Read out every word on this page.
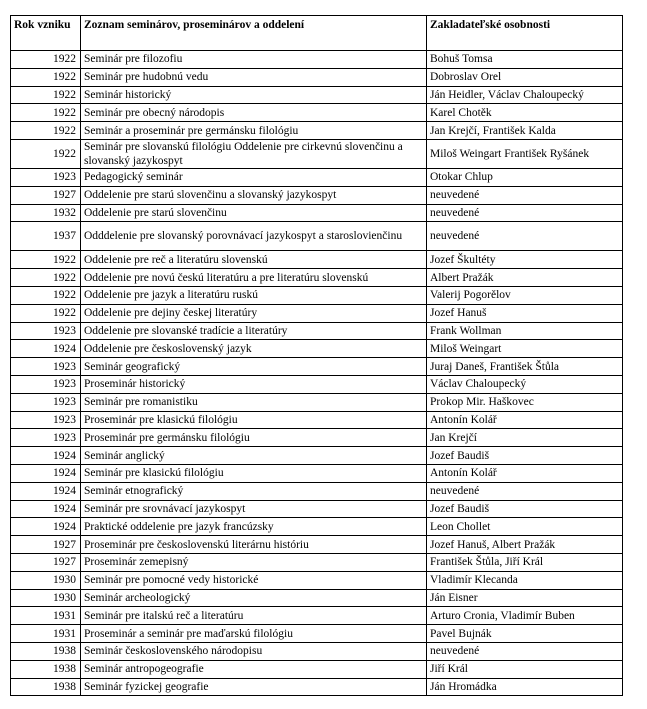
Rok vzniku	Zoznam seminárov, proseminárov a oddelení	Zakladateľské osobnosti
1922	Seminár pre filozofiu	Bohuš Tomsa
1922	Seminár pre hudobnú vedu	Dobroslav Orel
1922	Seminár historický	Ján Heidler, Václav Chaloupecký
1922	Seminár pre obecný národopis	Karel Chotěk
1922	Seminár a proseminár pre germánsku filológiu	Jan Krejčí, František Kalda
1922	Seminár pre slovanskú filológiu Oddelenie pre cirkevnú slovenčinu a slovanský jazykospyt	Miloš Weingart František Ryšánek
1923	Pedagogický seminár	Otokar Chlup
1927	Oddelenie pre starú slovenčinu a slovanský jazykospyt	neuvedené
1932	Oddelenie pre starú slovenčinu	neuvedené
1937	Odddelenie pre slovanský porovnávací jazykospyt a staroslovienčinu	neuvedené
1922	Oddelenie pre reč a literatúru slovenskú	Jozef Škultéty
1922	Oddelenie pre novú českú literatúru a pre literatúru slovenskú	Albert Pražák
1922	Oddelenie pre jazyk a literatúru ruskú	Valerij Pogorělov
1922	Oddelenie pre dejiny českej literatúry	Jozef Hanuš
1923	Oddelenie pre slovanské tradície a literatúry	Frank Wollman
1924	Oddelenie pre československý jazyk	Miloš Weingart
1923	Seminár geografický	Juraj Daneš, František Štůla
1923	Proseminár historický	Václav Chaloupecký
1923	Seminár pre romanistiku	Prokop Mir. Haškovec
1923	Proseminár pre klasickú filológiu	Antonín Kolář
1923	Proseminár pre germánsku filológiu	Jan Krejčí
1924	Seminár anglický	Jozef Baudiš
1924	Seminár pre klasickú filológiu	Antonín Kolář
1924	Seminár etnografický	neuvedené
1924	Seminár pre srovnávací jazykospyt	Jozef Baudiš
1924	Praktické oddelenie pre jazyk francúzsky	Leon Chollet
1927	Proseminár pre československú literárnu históriu	Jozef Hanuš, Albert Pražák
1927	Proseminár zemepisný	František Štůla, Jiří Král
1930	Seminár pre pomocné vedy historické	Vladimír Klecanda
1930	Seminár archeologický	Ján Eisner
1931	Seminár pre italskú reč a literatúru	Arturo Cronia, Vladimír Buben
1931	Proseminár a seminár pre maďarskú filológiu	Pavel Bujnák
1938	Seminár československého národopisu	neuvedené
1938	Seminár antropogeografie	Jiří Král
1938	Seminár fyzickej geografie	Ján Hromádka
